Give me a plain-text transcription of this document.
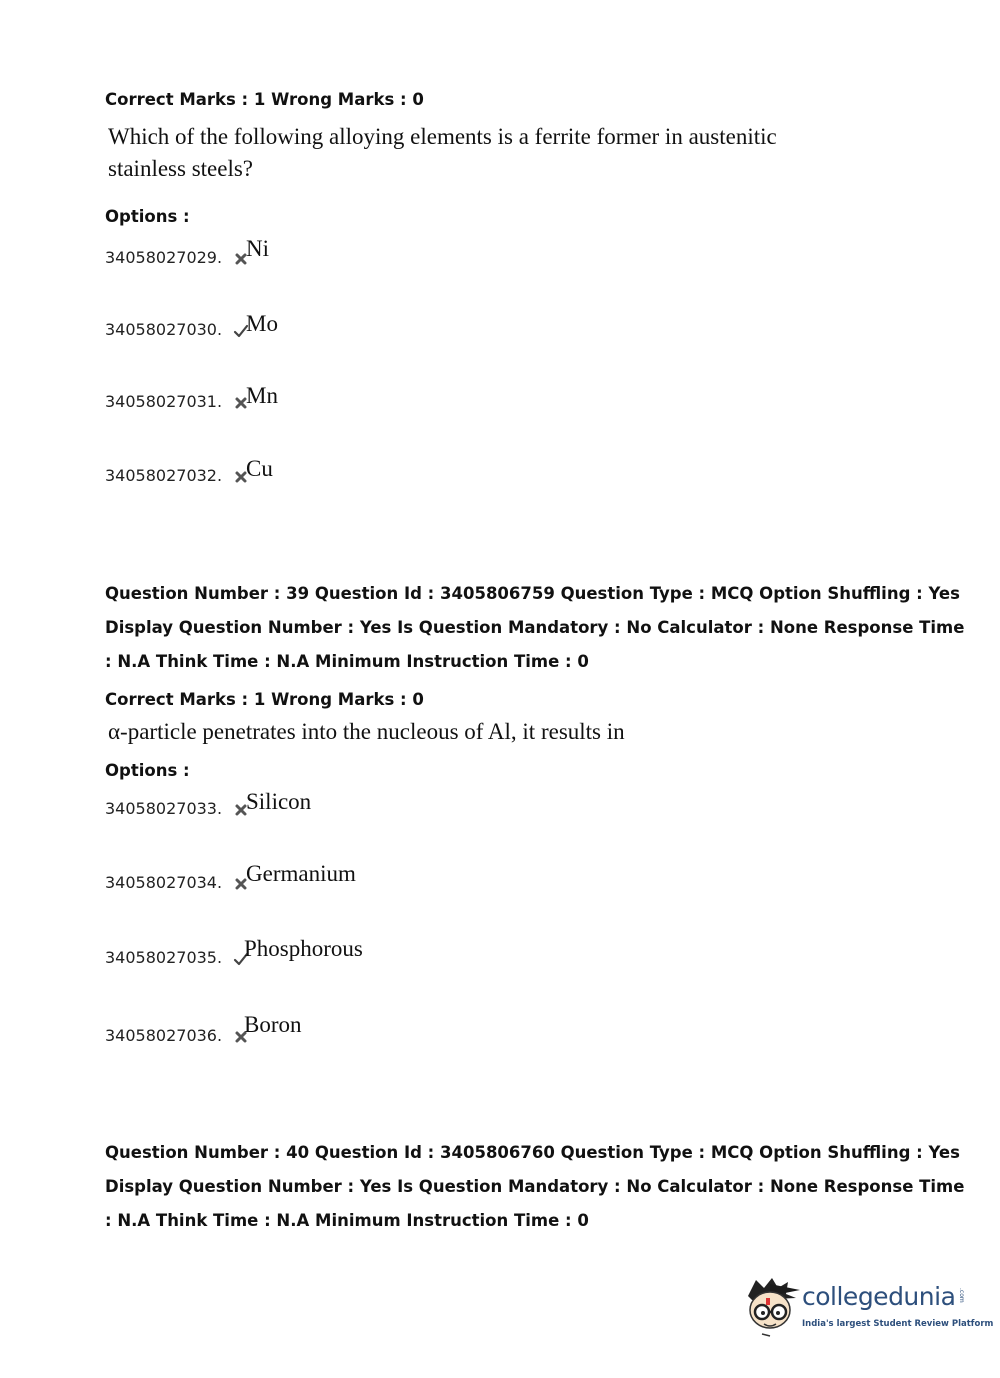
Correct Marks : 1 Wrong Marks : 0
Which of the following alloying elements is a ferrite former in austenitic
stainless steels?
Options :
34058027029. Ni
34058027030. Mo
34058027031. Mn
34058027032. Cu
Question Number : 39 Question Id : 3405806759 Question Type : MCQ Option Shuffling : Yes
Display Question Number : Yes Is Question Mandatory : No Calculator : None Response Time
: N.A Think Time : N.A Minimum Instruction Time : 0
Correct Marks : 1 Wrong Marks : 0
α-particle penetrates into the nucleous of Al, it results in
Options :
34058027033. Silicon
34058027034. Germanium
34058027035. Phosphorous
34058027036. Boron
Question Number : 40 Question Id : 3405806760 Question Type : MCQ Option Shuffling : Yes
Display Question Number : Yes Is Question Mandatory : No Calculator : None Response Time
: N.A Think Time : N.A Minimum Instruction Time : 0
collegedunia .com
India's largest Student Review Platform
